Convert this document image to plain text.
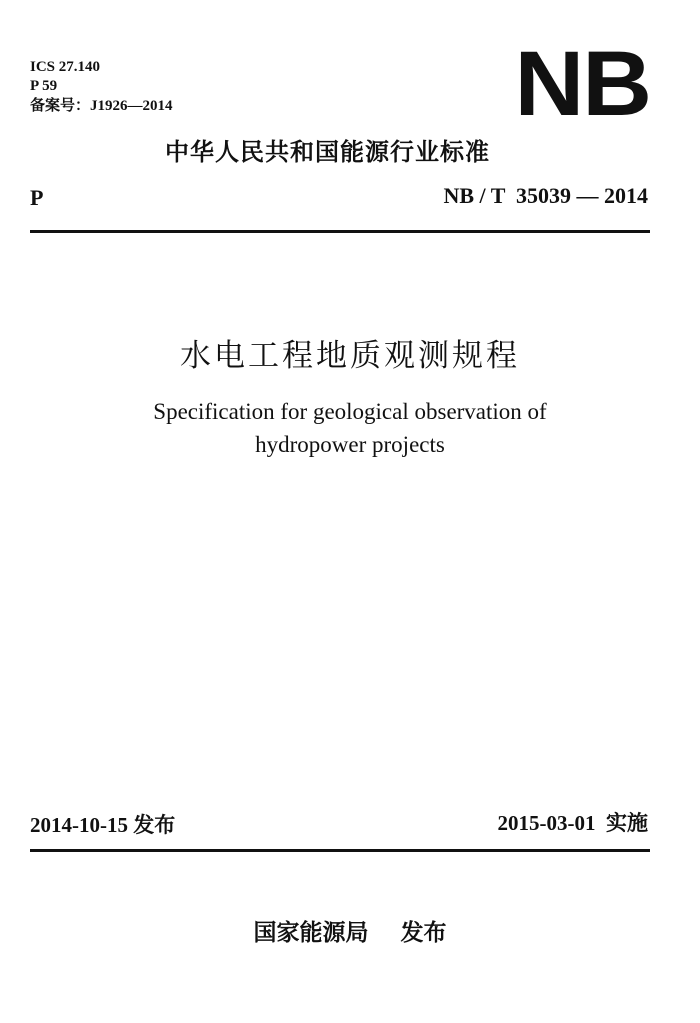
ICS 27.140
P 59
备案号：J1926—2014	NB
中华人民共和国能源行业标准
P	NB / T  35039 — 2014
水电工程地质观测规程
Specification for geological observation of
hydropower projects
2014-10-15 发布	2015-03-01 实施
国家能源局 发布
